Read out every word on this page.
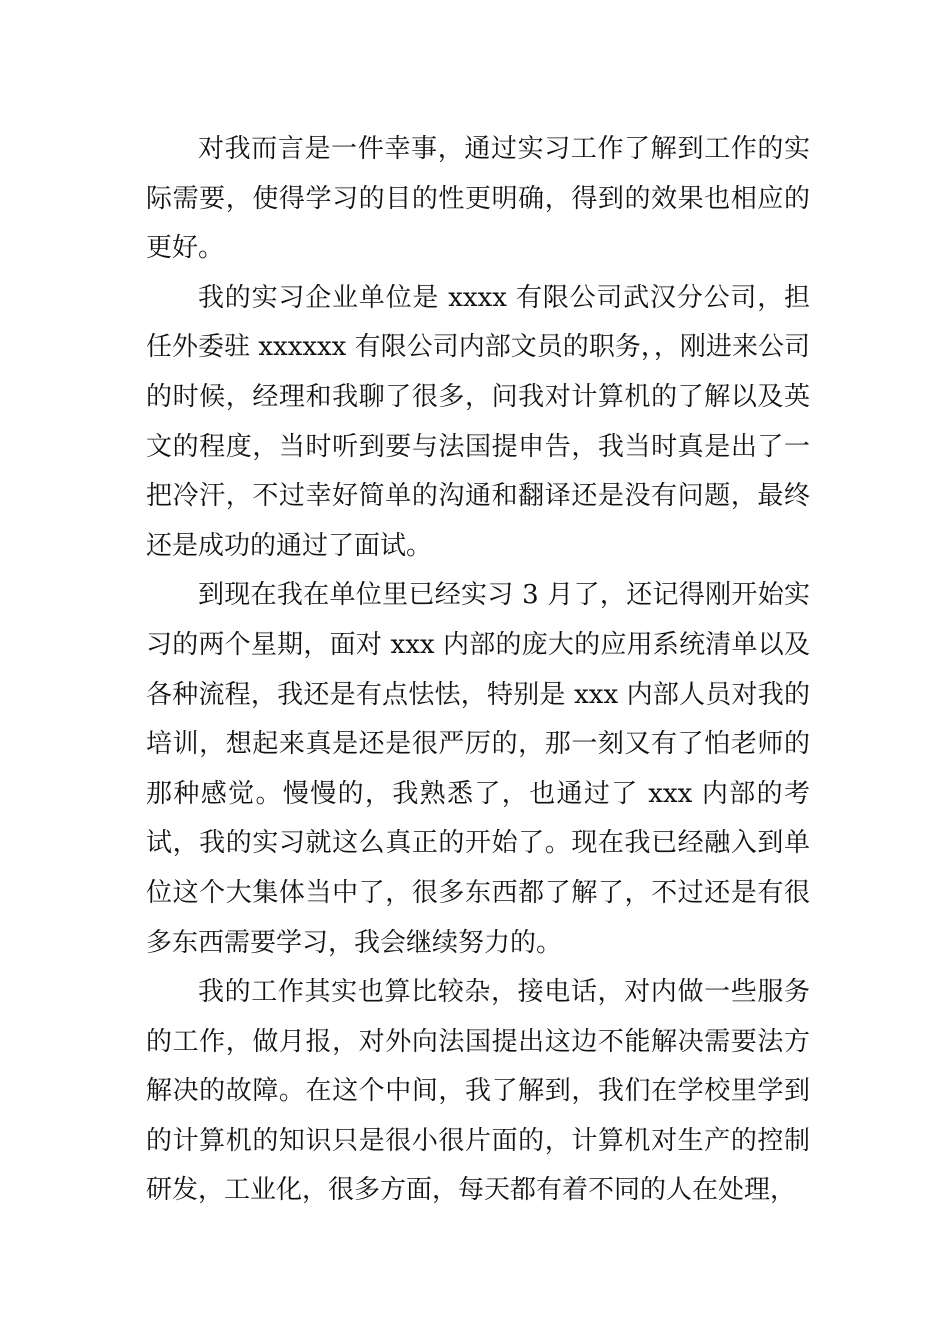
对我而言是一件幸事，通过实习工作了解到工作的实际需要，使得学习的目的性更明确，得到的效果也相应的更好。

我的实习企业单位是 xxxx 有限公司武汉分公司，担任外委驻 xxxxxx 有限公司内部文员的职务，，刚进来公司的时候，经理和我聊了很多，问我对计算机的了解以及英文的程度，当时听到要与法国提申告，我当时真是出了一把冷汗，不过幸好简单的沟通和翻译还是没有问题，最终还是成功的通过了面试。

到现在我在单位里已经实习 3 月了，还记得刚开始实习的两个星期，面对 xxx 内部的庞大的应用系统清单以及各种流程，我还是有点怯怯，特别是 xxx 内部人员对我的培训，想起来真是还是很严厉的，那一刻又有了怕老师的那种感觉。慢慢的，我熟悉了，也通过了 xxx 内部的考试，我的实习就这么真正的开始了。现在我已经融入到单位这个大集体当中了，很多东西都了解了，不过还是有很多东西需要学习，我会继续努力的。

我的工作其实也算比较杂，接电话，对内做一些服务的工作，做月报，对外向法国提出这边不能解决需要法方解决的故障。在这个中间，我了解到，我们在学校里学到的计算机的知识只是很小很片面的，计算机对生产的控制研发，工业化，很多方面，每天都有着不同的人在处理，
